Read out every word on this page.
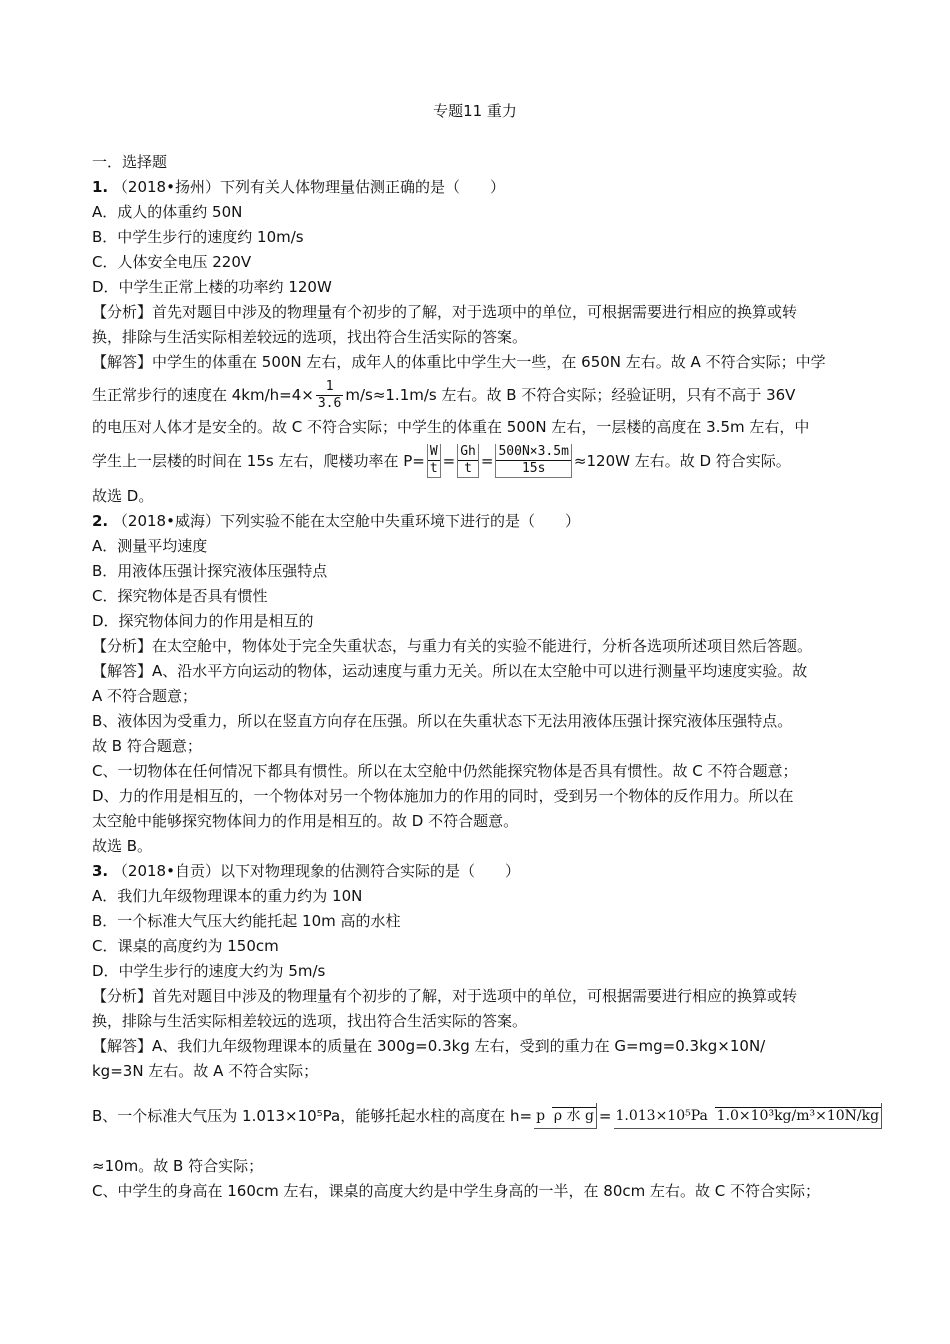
专题11 重力
一．选择题
1. （2018•扬州）下列有关人体物理量估测正确的是（　　）
A．成人的体重约 50N
B．中学生步行的速度约 10m/s
C．人体安全电压 220V
D．中学生正常上楼的功率约 120W
【分析】首先对题目中涉及的物理量有个初步的了解，对于选项中的单位，可根据需要进行相应的换算或转
换，排除与生活实际相差较远的选项，找出符合生活实际的答案。
【解答】中学生的体重在 500N 左右，成年人的体重比中学生大一些，在 650N 左右。故 A 不符合实际；中学
生正常步行的速度在 $4km/h=4\times \frac{1}{3.6} m/s\approx 1.1m/s$ 左右。故 B 不符合实际；经验证明，只有不高于 36V
的电压对人体才是安全的。故 C 不符合实际；中学生的体重在 500N 左右，一层楼的高度在 3.5m 左右，中
学生上一层楼的时间在 15s 左右，爬楼功率在 $P= \frac{W}{t} = \frac{Gh}{t} = \frac{500N\times 3.5m}{15s} \approx 120W$ 左右。故 D 符合实际。
故选 D。
2. （2018•威海）下列实验不能在太空舱中失重环境下进行的是（　　）
A．测量平均速度
B．用液体压强计探究液体压强特点
C．探究物体是否具有惯性
D．探究物体间力的作用是相互的
【分析】在太空舱中，物体处于完全失重状态，与重力有关的实验不能进行，分析各选项所述项目然后答题。
【解答】A、沿水平方向运动的物体，运动速度与重力无关。所以在太空舱中可以进行测量平均速度实验。故
A 不符合题意；
B、液体因为受重力，所以在竖直方向存在压强。所以在失重状态下无法用液体压强计探究液体压强特点。
故 B 符合题意；
C、一切物体在任何情况下都具有惯性。所以在太空舱中仍然能探究物体是否具有惯性。故 C 不符合题意；
D、力的作用是相互的，一个物体对另一个物体施加力的作用的同时，受到另一个物体的反作用力。所以在
太空舱中能够探究物体间力的作用是相互的。故 D 不符合题意。
故选 B。
3. （2018•自贡）以下对物理现象的估测符合实际的是（　　）
A．我们九年级物理课本的重力约为 10N
B．一个标准大气压大约能托起 10m 高的水柱
C．课桌的高度约为 150cm
D．中学生步行的速度大约为 5m/s
【分析】首先对题目中涉及的物理量有个初步的了解，对于选项中的单位，可根据需要进行相应的换算或转
换，排除与生活实际相差较远的选项，找出符合生活实际的答案。
【解答】A、我们九年级物理课本的质量在 300g=0.3kg 左右，受到的重力在 G=mg=0.3kg×10N/
kg=3N 左右。故 A 不符合实际；
B、一个标准大气压为 1.013×10⁵Pa，能够托起水柱的高度在 h= p ρ 水 g = 1.013×10⁵Pa 1.0×10³kg/m³×10N/kg
≈10m。故 B 符合实际；
C、中学生的身高在 160cm 左右，课桌的高度大约是中学生身高的一半，在 80cm 左右。故 C 不符合实际；
